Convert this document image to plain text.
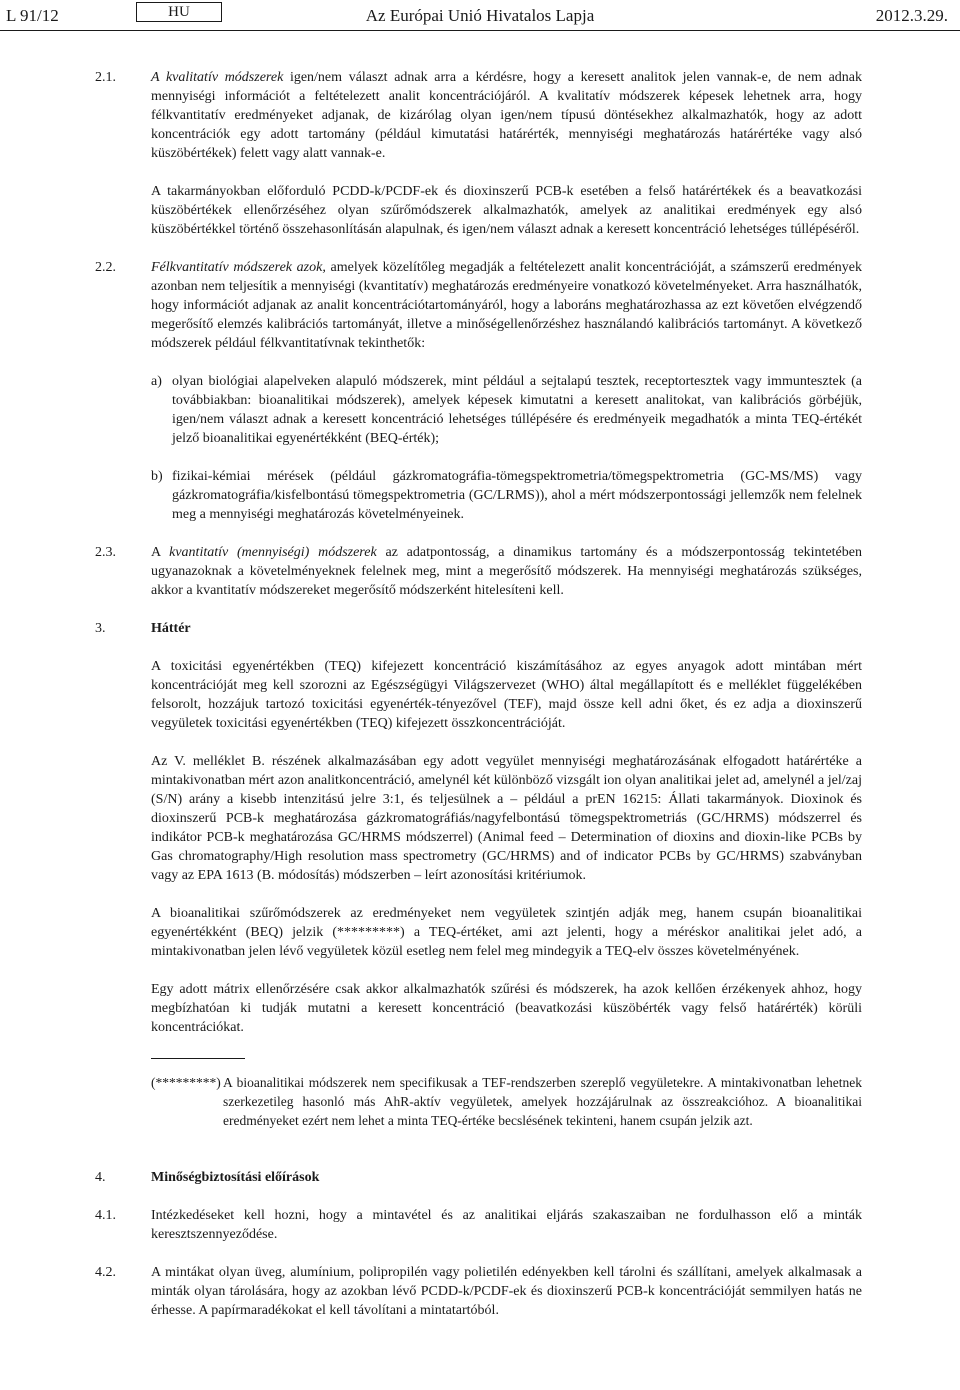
L 91/12	HU	Az Európai Unió Hivatalos Lapja	2012.3.29.
2.1.	A kvalitatív módszerek igen/nem választ adnak arra a kérdésre, hogy a keresett analitok jelen vannak-e, de nem adnak mennyiségi információt a feltételezett analit koncentrációjáról. A kvalitatív módszerek képesek lehetnek arra, hogy félkvantitatív eredményeket adjanak, de kizárólag olyan igen/nem típusú döntésekhez alkalmazhatók, hogy az adott koncentrációk egy adott tartomány (például kimutatási határérték, mennyiségi meghatározás határértéke vagy alsó küszöbértékek) felett vagy alatt vannak-e.

A takarmányokban előforduló PCDD-k/PCDF-ek és dioxinszerű PCB-k esetében a felső határértékek és a beavatkozási küszöbértékek ellenőrzéséhez olyan szűrőmódszerek alkalmazhatók, amelyek az analitikai eredmények egy alsó küszöbértékkel történő összehasonlításán alapulnak, és igen/nem választ adnak a keresett koncentráció lehetséges túllépéséről.

2.2.	Félkvantitatív módszerek azok, amelyek közelítőleg megadják a feltételezett analit koncentrációját, a számszerű eredmények azonban nem teljesítik a mennyiségi (kvantitatív) meghatározás eredményeire vonatkozó követelményeket. Arra használhatók, hogy információt adjanak az analit koncentrációtartományáról, hogy a laboráns meghatározhassa az ezt követően elvégzendő megerősítő elemzés kalibrációs tartományát, illetve a minőségellenőrzéshez használandó kalibrációs tartományt. A következő módszerek például félkvantitatívnak tekinthetők:

a) olyan biológiai alapelveken alapuló módszerek, mint például a sejtalapú tesztek, receptortesztek vagy immuntesztek (a továbbiakban: bioanalitikai módszerek), amelyek képesek kimutatni a keresett analitokat, van kalibrációs görbéjük, igen/nem választ adnak a keresett koncentráció lehetséges túllépésére és eredményeik megadhatók a minta TEQ-értékét jelző bioanalitikai egyenértékként (BEQ-érték);
b) fizikai-kémiai mérések (például gázkromatográfia-tömegspektrometria/tömegspektrometria (GC-MS/MS) vagy gázkromatográfia/kisfelbontású tömegspektrometria (GC/LRMS)), ahol a mért módszerpontossági jellemzők nem felelnek meg a mennyiségi meghatározás követelményeinek.
2.3.	A kvantitatív (mennyiségi) módszerek az adatpontosság, a dinamikus tartomány és a módszerpontosság tekintetében ugyanazoknak a követelményeknek felelnek meg, mint a megerősítő módszerek. Ha mennyiségi meghatározás szükséges, akkor a kvantitatív módszereket megerősítő módszerként hitelesíteni kell.

3.	Háttér

A toxicitási egyenértékben (TEQ) kifejezett koncentráció kiszámításához az egyes anyagok adott mintában mért koncentrációját meg kell szorozni az Egészségügyi Világszervezet (WHO) által megállapított és e melléklet függelékében felsorolt, hozzájuk tartozó toxicitási egyenérték-tényezővel (TEF), majd össze kell adni őket, és ez adja a dioxinszerű vegyületek toxicitási egyenértékben (TEQ) kifejezett összkoncentrációját.

Az V. melléklet B. részének alkalmazásában egy adott vegyület mennyiségi meghatározásának elfogadott határértéke a mintakivonatban mért azon analitkoncentráció, amelynél két különböző vizsgált ion olyan analitikai jelet ad, amelynél a jel/zaj (S/N) arány a kisebb intenzitású jelre 3:1, és teljesülnek a – például a prEN 16215: Állati takarmányok. Dioxinok és dioxinszerű PCB-k meghatározása gázkromatográfiás/nagyfelbontású tömegspektrometriás (GC/HRMS) módszerrel és indikátor PCB-k meghatározása GC/HRMS módszerrel) (Animal feed – Determination of dioxins and dioxin-like PCBs by Gas chromatography/High resolution mass spectrometry (GC/HRMS) and of indicator PCBs by GC/HRMS) szabványban vagy az EPA 1613 (B. módosítás) módszerben – leírt azonosítási kritériumok.

A bioanalitikai szűrőmódszerek az eredményeket nem vegyületek szintjén adják meg, hanem csupán bioanalitikai egyenértékként (BEQ) jelzik (*********) a TEQ-értéket, ami azt jelenti, hogy a méréskor analitikai jelet adó, a mintakivonatban jelen lévő vegyületek közül esetleg nem felel meg mindegyik a TEQ-elv összes követelményének.

Egy adott mátrix ellenőrzésére csak akkor alkalmazhatók szűrési és módszerek, ha azok kellően érzékenyek ahhoz, hogy megbízhatóan ki tudják mutatni a keresett koncentráció (beavatkozási küszöbérték vagy felső határérték) körüli koncentrációkat.

(*********) A bioanalitikai módszerek nem specifikusak a TEF-rendszerben szereplő vegyületekre. A mintakivonatban lehetnek szerkezetileg hasonló más AhR-aktív vegyületek, amelyek hozzájárulnak az összreakcióhoz. A bioanalitikai eredményeket ezért nem lehet a minta TEQ-értéke becslésének tekinteni, hanem csupán jelzik azt.
4.	Minőségbiztosítási előírások

4.1.	Intézkedéseket kell hozni, hogy a mintavétel és az analitikai eljárás szakaszaiban ne fordulhasson elő a minták keresztszennyeződése.

4.2.	A mintákat olyan üveg, alumínium, polipropilén vagy polietilén edényekben kell tárolni és szállítani, amelyek alkalmasak a minták olyan tárolására, hogy az azokban lévő PCDD-k/PCDF-ek és dioxinszerű PCB-k koncentrációját semmilyen hatás ne érhesse. A papírmaradékokat el kell távolítani a mintatartóból.
